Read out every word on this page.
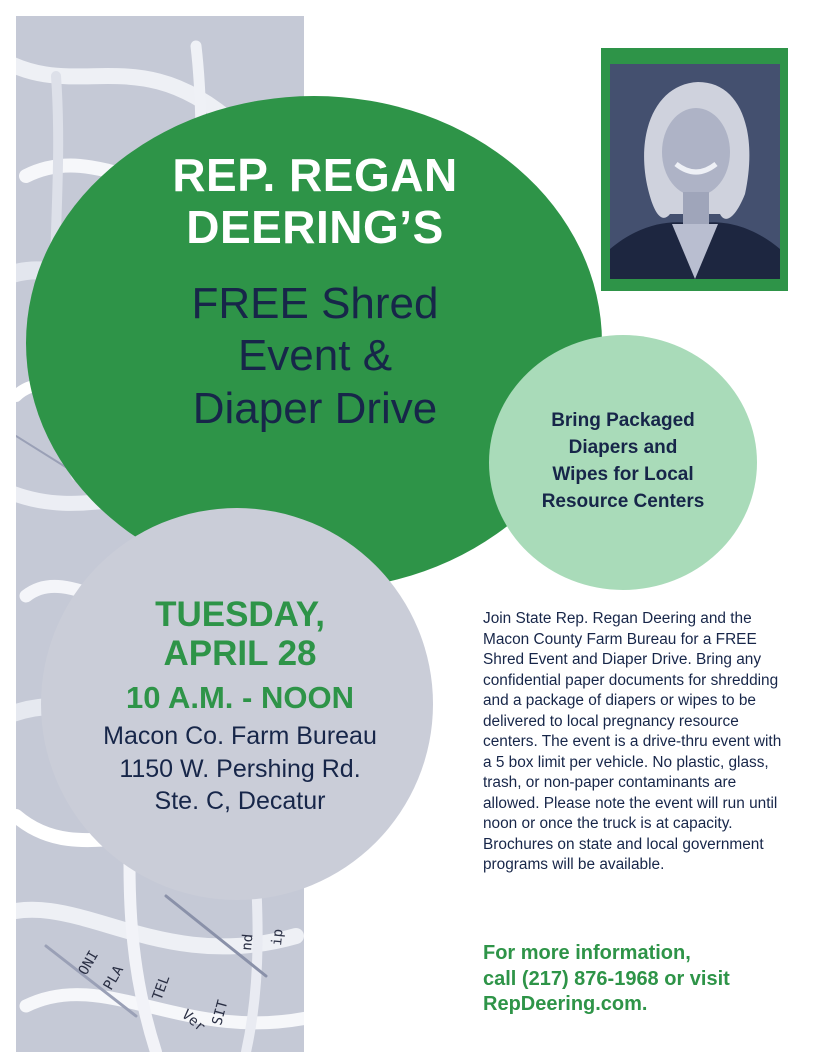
ONI
PLA TEL
Ver SIT
ip
nd
REP. REGAN
DEERING’S
FREE Shred
Event &
Diaper Drive	Bring Packaged
Diapers and
Wipes for Local
Resource Centers
TUESDAY,
APRIL 28
10 A.M. - NOON
Macon Co. Farm Bureau
1150 W. Pershing Rd.
Ste. C, Decatur
Join State Rep. Regan Deering and the Macon County Farm Bureau for a FREE Shred Event and Diaper Drive. Bring any confidential paper documents for shredding and a package of diapers or wipes to be delivered to local pregnancy resource centers. The event is a drive-thru event with a 5 box limit per vehicle. No plastic, glass, trash, or non-paper contaminants are allowed. Please note the event will run until noon or once the truck is at capacity. Brochures on state and local government programs will be available.
For more information,
call (217) 876-1968 or visit
RepDeering.com.
